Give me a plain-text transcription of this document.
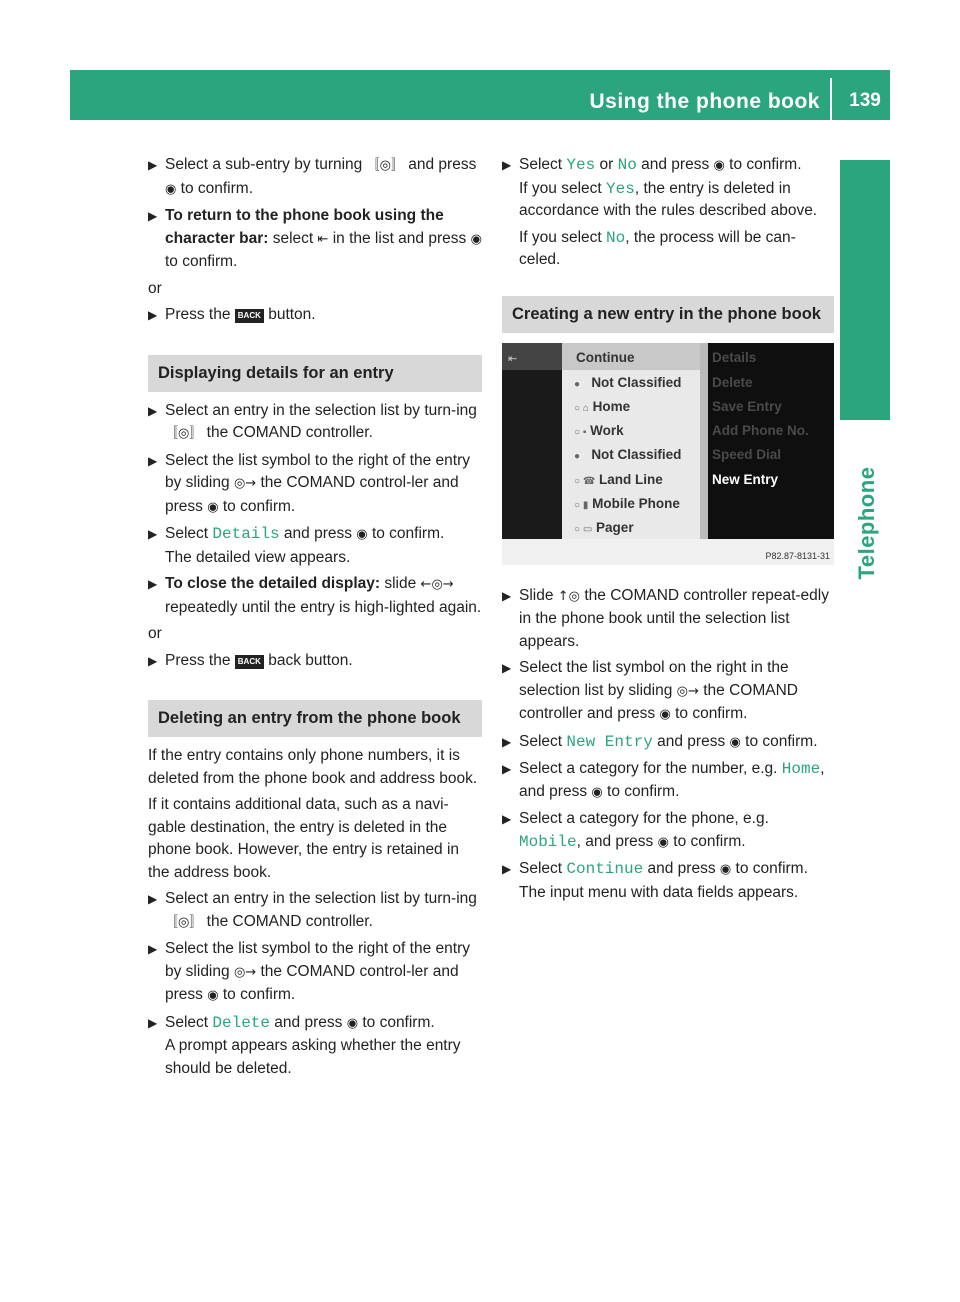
Using the phone book	139
Telephone
▶ Select a sub-entry by turning 〚◎〛 and press ◉ to confirm.
▶ To return to the phone book using the character bar: select ⇤ in the list and press ◉ to confirm.
or
▶ Press the BACK button.
Displaying details for an entry
▶ Select an entry in the selection list by turn-ing 〚◎〛 the COMAND controller.
▶ Select the list symbol to the right of the entry by sliding ◎→ the COMAND control-ler and press ◉ to confirm.
▶ Select Details and press ◉ to confirm.
The detailed view appears.
▶ To close the detailed display: slide ←◎→ repeatedly until the entry is high-lighted again.
or
▶ Press the BACK back button.
Deleting an entry from the phone book
If the entry contains only phone numbers, it is deleted from the phone book and address book.
If it contains additional data, such as a navi-gable destination, the entry is deleted in the phone book. However, the entry is retained in the address book.
▶ Select an entry in the selection list by turn-ing 〚◎〛 the COMAND controller.
▶ Select the list symbol to the right of the entry by sliding ◎→ the COMAND control-ler and press ◉ to confirm.
▶ Select Delete and press ◉ to confirm.
A prompt appears asking whether the entry should be deleted.
▶ Select Yes or No and press ◉ to confirm.
If you select Yes, the entry is deleted in accordance with the rules described above.
If you select No, the process will be can-celed.
Creating a new entry in the phone book
⇤	Continue
● Not Classified
○ ⌂ Home
○ ▪ Work
● Not Classified
○ ☎ Land Line
○ ▮ Mobile Phone
○ ▭ Pager
Details
Delete
Save Entry
Add Phone No.
Speed Dial
New Entry
P82.87-8131-31
▶ Slide ↑◎ the COMAND controller repeat-edly in the phone book until the selection list appears.
▶ Select the list symbol on the right in the selection list by sliding ◎→ the COMAND controller and press ◉ to confirm.
▶ Select New Entry and press ◉ to confirm.
▶ Select a category for the number, e.g. Home, and press ◉ to confirm.
▶ Select a category for the phone, e.g. Mobile, and press ◉ to confirm.
▶ Select Continue and press ◉ to confirm.
The input menu with data fields appears.
